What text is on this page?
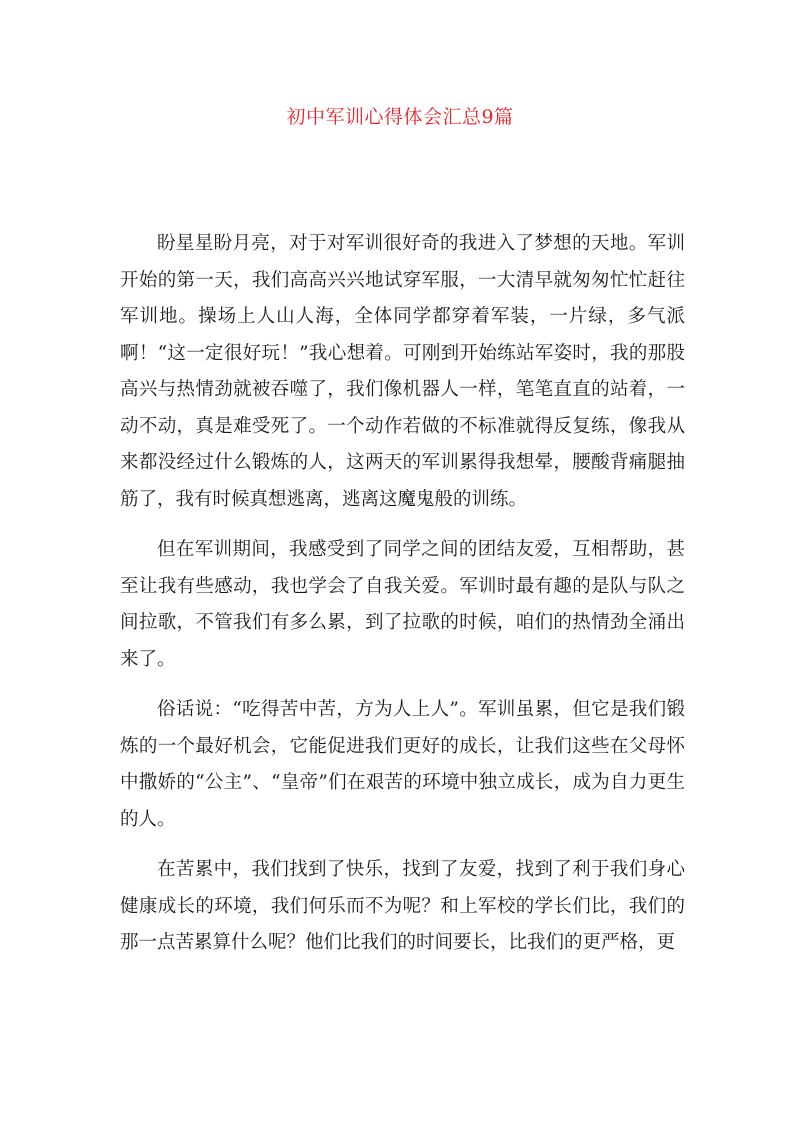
初中军训心得体会汇总9篇

盼星星盼月亮，对于对军训很好奇的我进入了梦想的天地。军训开始的第一天，我们高高兴兴地试穿军服，一大清早就匆匆忙忙赶往军训地。操场上人山人海，全体同学都穿着军装，一片绿，多气派啊！“这一定很好玩！”我心想着。可刚到开始练站军姿时，我的那股高兴与热情劲就被吞噬了，我们像机器人一样，笔笔直直的站着，一动不动，真是难受死了。一个动作若做的不标准就得反复练，像我从来都没经过什么锻炼的人，这两天的军训累得我想晕，腰酸背痛腿抽筋了，我有时候真想逃离，逃离这魔鬼般的训练。

但在军训期间，我感受到了同学之间的团结友爱，互相帮助，甚至让我有些感动，我也学会了自我关爱。军训时最有趣的是队与队之间拉歌，不管我们有多么累，到了拉歌的时候，咱们的热情劲全涌出来了。

俗话说：“吃得苦中苦，方为人上人”。军训虽累，但它是我们锻炼的一个最好机会，它能促进我们更好的成长，让我们这些在父母怀中撒娇的“公主”、“皇帝”们在艰苦的环境中独立成长，成为自力更生的人。

在苦累中，我们找到了快乐，找到了友爱，找到了利于我们身心健康成长的环境，我们何乐而不为呢？和上军校的学长们比，我们的那一点苦累算什么呢？他们比我们的时间要长，比我们的更严格，更
